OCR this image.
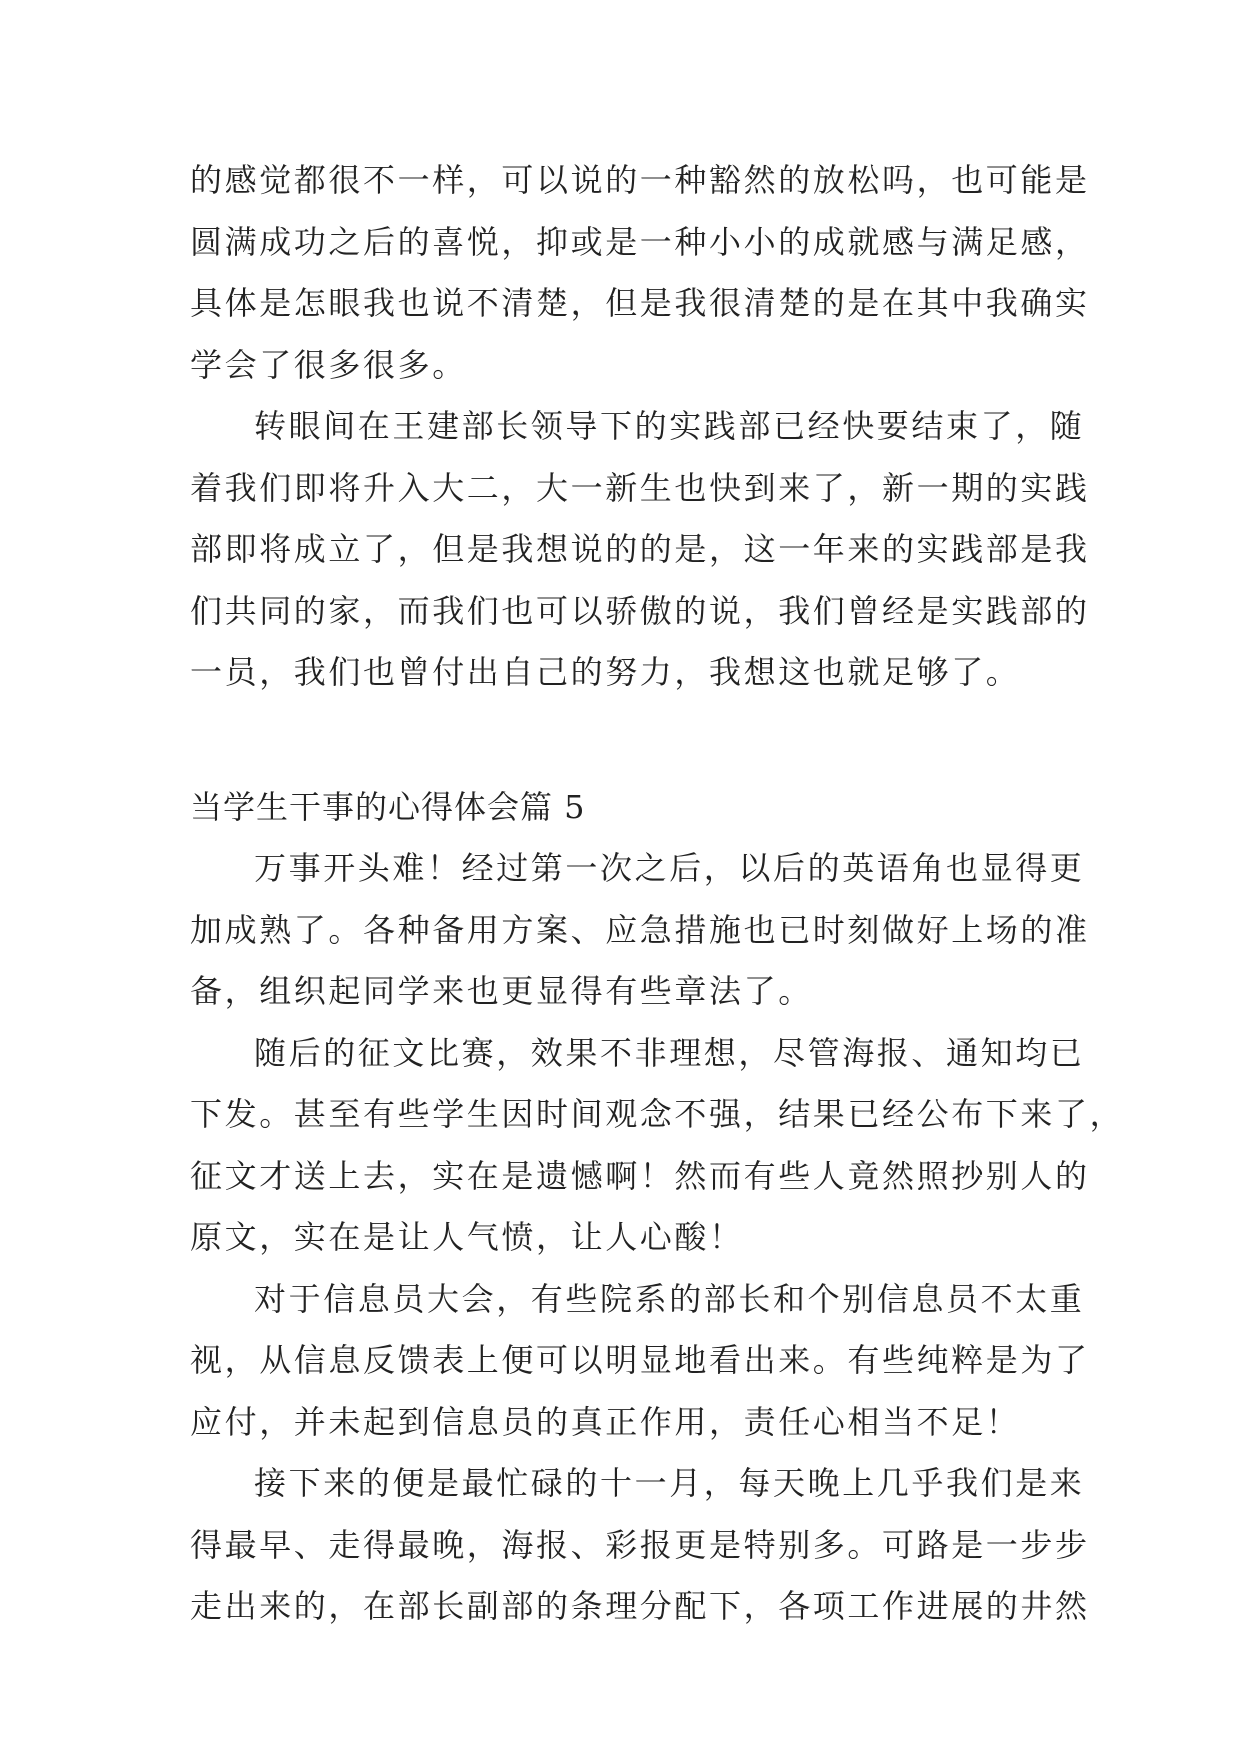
的感觉都很不一样，可以说的一种豁然的放松吗，也可能是
圆满成功之后的喜悦，抑或是一种小小的成就感与满足感，
具体是怎眼我也说不清楚，但是我很清楚的是在其中我确实
学会了很多很多。
转眼间在王建部长领导下的实践部已经快要结束了，随
着我们即将升入大二，大一新生也快到来了，新一期的实践
部即将成立了，但是我想说的的是，这一年来的实践部是我
们共同的家，而我们也可以骄傲的说，我们曾经是实践部的
一员，我们也曾付出自己的努力，我想这也就足够了。
当学生干事的心得体会篇 5
万事开头难！经过第一次之后，以后的英语角也显得更
加成熟了。各种备用方案、应急措施也已时刻做好上场的准
备，组织起同学来也更显得有些章法了。
随后的征文比赛，效果不非理想，尽管海报、通知均已
下发。甚至有些学生因时间观念不强，结果已经公布下来了，
征文才送上去，实在是遗憾啊！然而有些人竟然照抄别人的
原文，实在是让人气愤，让人心酸！
对于信息员大会，有些院系的部长和个别信息员不太重
视，从信息反馈表上便可以明显地看出来。有些纯粹是为了
应付，并未起到信息员的真正作用，责任心相当不足！
接下来的便是最忙碌的十一月，每天晚上几乎我们是来
得最早、走得最晚，海报、彩报更是特别多。可路是一步步
走出来的，在部长副部的条理分配下，各项工作进展的井然
